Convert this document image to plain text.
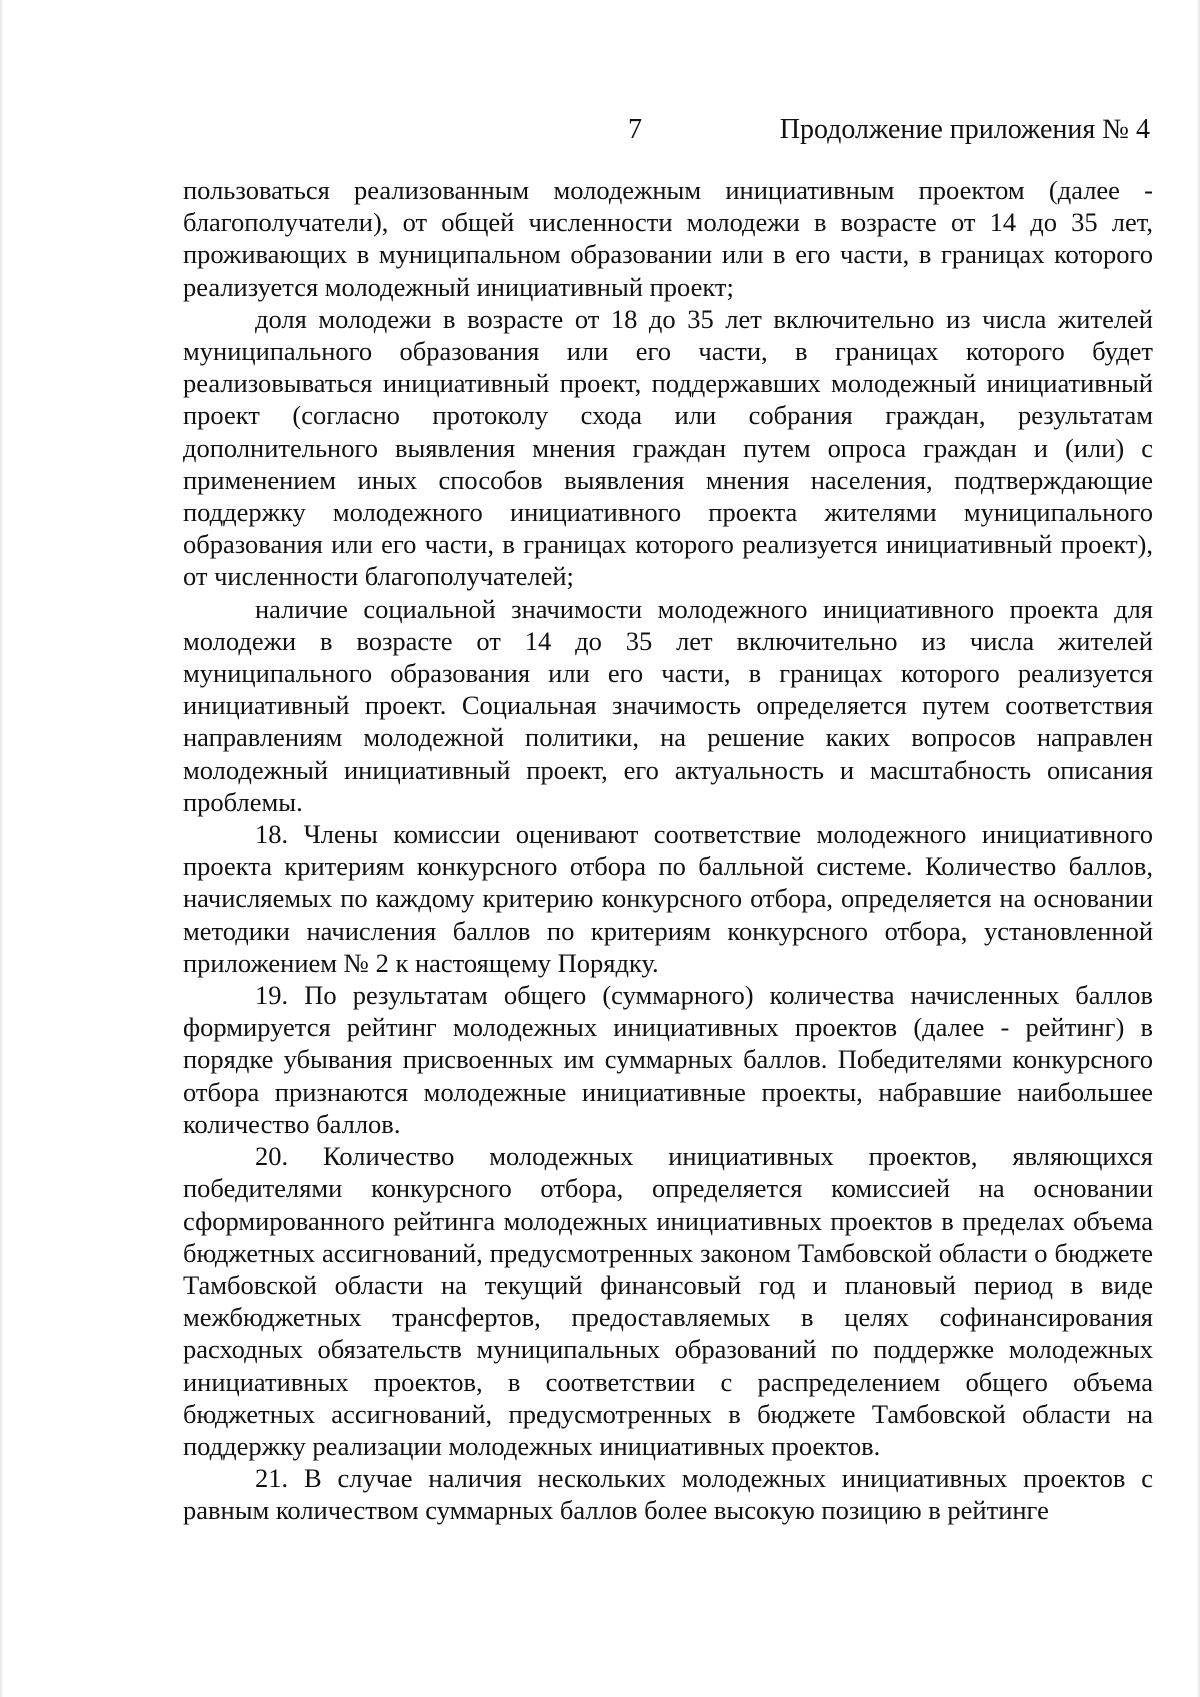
7	Продолжение приложения № 4

пользоваться реализованным молодежным инициативным проектом (далее - благополучатели), от общей численности молодежи в возрасте от 14 до 35 лет, проживающих в муниципальном образовании или в его части, в границах которого реализуется молодежный инициативный проект;

доля молодежи в возрасте от 18 до 35 лет включительно из числа жителей муниципального образования или его части, в границах которого будет реализовываться инициативный проект, поддержавших молодежный инициативный проект (согласно протоколу схода или собрания граждан, результатам дополнительного выявления мнения граждан путем опроса граждан и (или) с применением иных способов выявления мнения населения, подтверждающие поддержку молодежного инициативного проекта жителями муниципального образования или его части, в границах которого реализуется инициативный проект), от численности благополучателей;

наличие социальной значимости молодежного инициативного проекта для молодежи в возрасте от 14 до 35 лет включительно из числа жителей муниципального образования или его части, в границах которого реализуется инициативный проект. Социальная значимость определяется путем соответствия направлениям молодежной политики, на решение каких вопросов направлен молодежный инициативный проект, его актуальность и масштабность описания проблемы.

18. Члены комиссии оценивают соответствие молодежного инициативного проекта критериям конкурсного отбора по балльной системе. Количество баллов, начисляемых по каждому критерию конкурсного отбора, определяется на основании методики начисления баллов по критериям конкурсного отбора, установленной приложением № 2 к настоящему Порядку.

19. По результатам общего (суммарного) количества начисленных баллов формируется рейтинг молодежных инициативных проектов (далее - рейтинг) в порядке убывания присвоенных им суммарных баллов. Победителями конкурсного отбора признаются молодежные инициативные проекты, набравшие наибольшее количество баллов.

20. Количество молодежных инициативных проектов, являющихся победителями конкурсного отбора, определяется комиссией на основании сформированного рейтинга молодежных инициативных проектов в пределах объема бюджетных ассигнований, предусмотренных законом Тамбовской области о бюджете Тамбовской области на текущий финансовый год и плановый период в виде межбюджетных трансфертов, предоставляемых в целях софинансирования расходных обязательств муниципальных образований по поддержке молодежных инициативных проектов, в соответствии с распределением общего объема бюджетных ассигнований, предусмотренных в бюджете Тамбовской области на поддержку реализации молодежных инициативных проектов.

21. В случае наличия нескольких молодежных инициативных проектов с равным количеством суммарных баллов более высокую позицию в рейтинге
